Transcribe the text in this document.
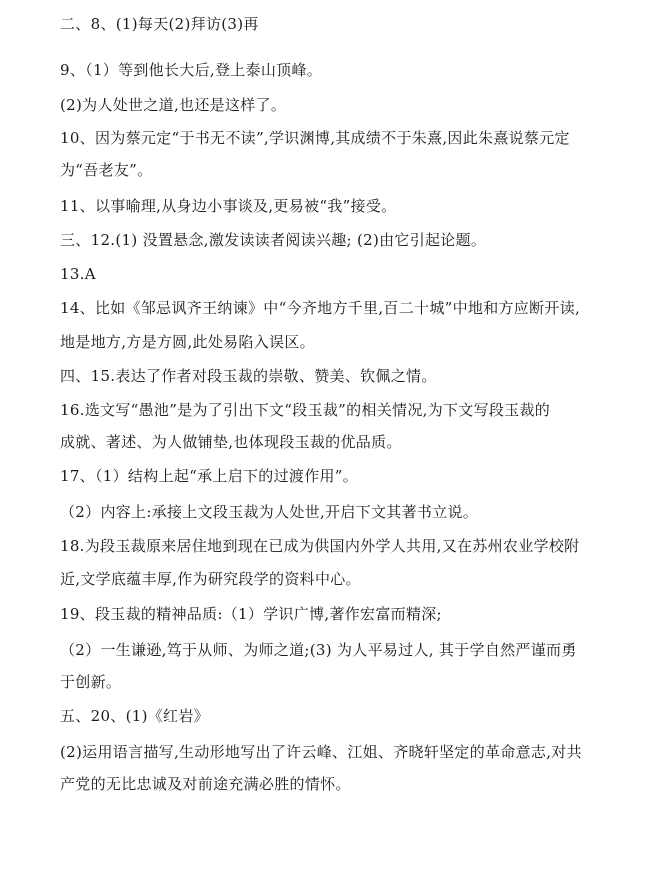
二、8、(1)每天(2)拜访(3)再
9、（1）等到他长大后,登上泰山顶峰。
(2)为人处世之道,也还是这样了。
10、因为蔡元定“于书无不读”,学识渊博,其成绩不于朱熹,因此朱熹说蔡元定
为“吾老友”。
11、以事喻理,从身边小事谈及,更易被“我”接受。
三、12.(1) 没置悬念,激发读读者阅读兴趣; (2)由它引起论题。
13.A
14、比如《邹忌讽齐王纳谏》中“今齐地方千里,百二十城”中地和方应断开读,
地是地方,方是方圆,此处易陷入误区。
四、15.表达了作者对段玉裁的崇敬、赞美、钦佩之情。
16.选文写“愚池”是为了引出下文“段玉裁”的相关情况,为下文写段玉裁的
成就、著述、为人做铺垫,也体现段玉裁的优品质。
17、（1）结构上起“承上启下的过渡作用”。
（2）内容上:承接上文段玉裁为人处世,开启下文其著书立说。
18.为段玉裁原来居住地到现在已成为供国内外学人共用,又在苏州农业学校附
近,文学底蕴丰厚,作为研究段学的资料中心。
19、段玉裁的精神品质:（1）学识广博,著作宏富而精深;
（2）一生谦逊,笃于从师、为师之道;(3) 为人平易过人, 其于学自然严谨而勇
于创新。
五、20、(1)《红岩》
(2)运用语言描写,生动形地写出了许云峰、江姐、齐晓轩坚定的革命意志,对共
产党的无比忠诚及对前途充满必胜的情怀。
